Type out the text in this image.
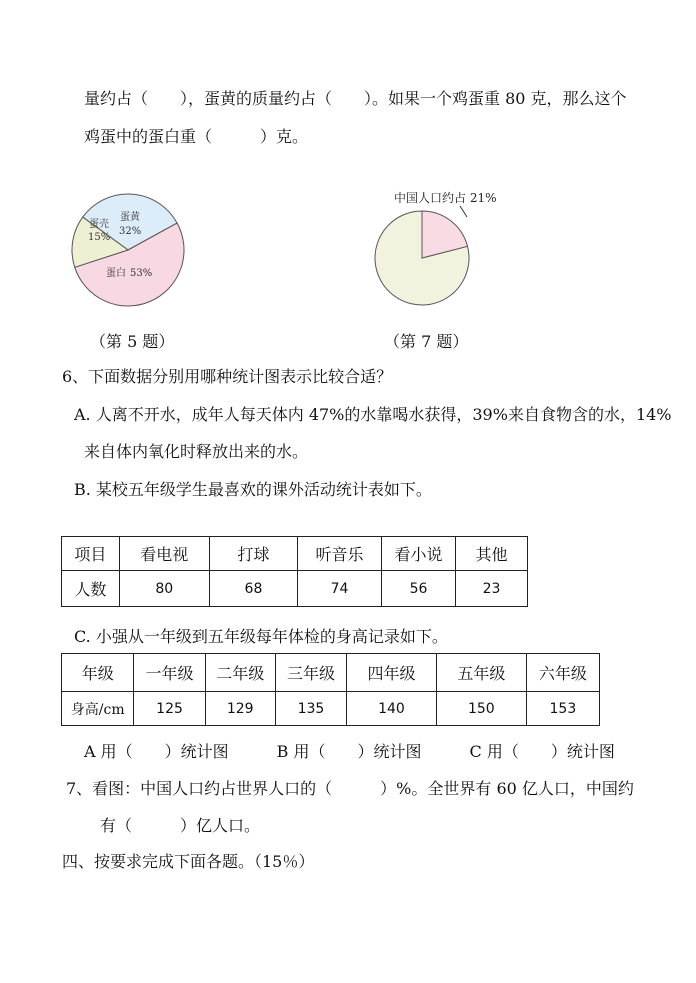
量约占（　　），蛋黄的质量约占（　　）。如果一个鸡蛋重 80 克，那么这个
鸡蛋中的蛋白重（　　　）克。
蛋黄
32%
蛋壳
15%
蛋白 53%
中国人口约占 21%
（第 5 题）	（第 7 题）
6、下面数据分别用哪种统计图表示比较合适？
A. 人离不开水，成年人每天体内 47%的水靠喝水获得，39%来自食物含的水，14%
来自体内氧化时释放出来的水。
B. 某校五年级学生最喜欢的课外活动统计表如下。
项目	看电视	打球	听音乐	看小说	其他
人数	80	68	74	56	23
C. 小强从一年级到五年级每年体检的身高记录如下。
年级	一年级	二年级	三年级	四年级	五年级	六年级
身高/cm	125	129	135	140	150	153
A 用（　　）统计图　　　B 用（　　）统计图　　　C 用（　　）统计图
7、看图：中国人口约占世界人口的（　　　）%。全世界有 60 亿人口，中国约
有（　　　）亿人口。
四、按要求完成下面各题。（15％）
